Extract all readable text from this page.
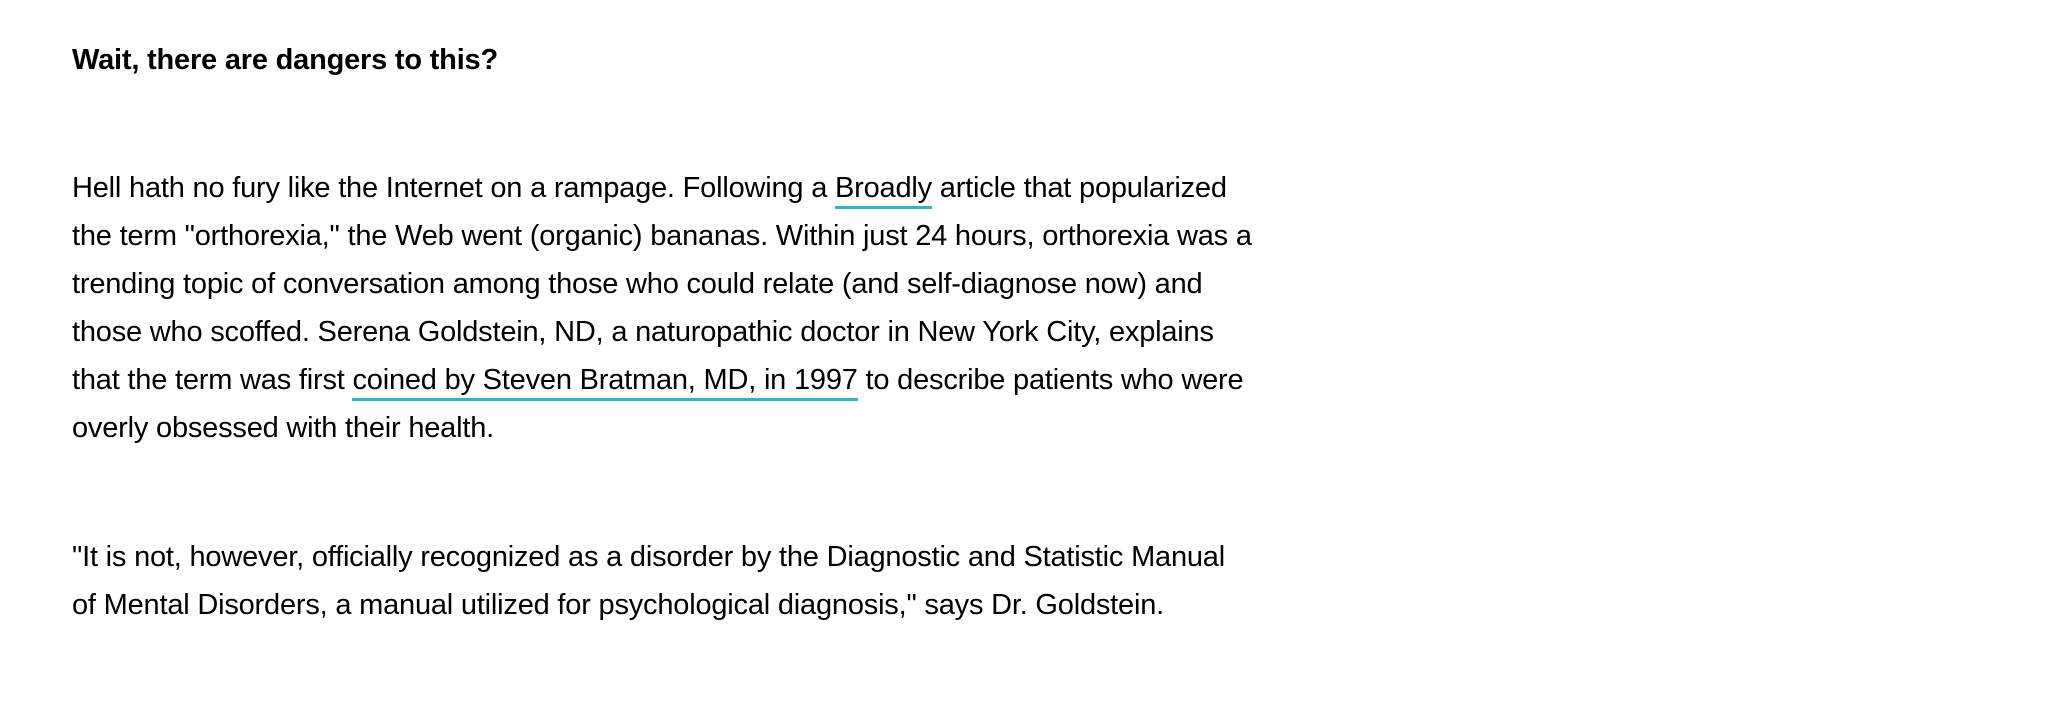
Wait, there are dangers to this?

Hell hath no fury like the Internet on a rampage. Following a Broadly article that popularized the term "orthorexia," the Web went (organic) bananas. Within just 24 hours, orthorexia was a trending topic of conversation among those who could relate (and self-diagnose now) and those who scoffed. Serena Goldstein, ND, a naturopathic doctor in New York City, explains that the term was first coined by Steven Bratman, MD, in 1997 to describe patients who were overly obsessed with their health.

"It is not, however, officially recognized as a disorder by the Diagnostic and Statistic Manual of Mental Disorders, a manual utilized for psychological diagnosis," says Dr. Goldstein.
